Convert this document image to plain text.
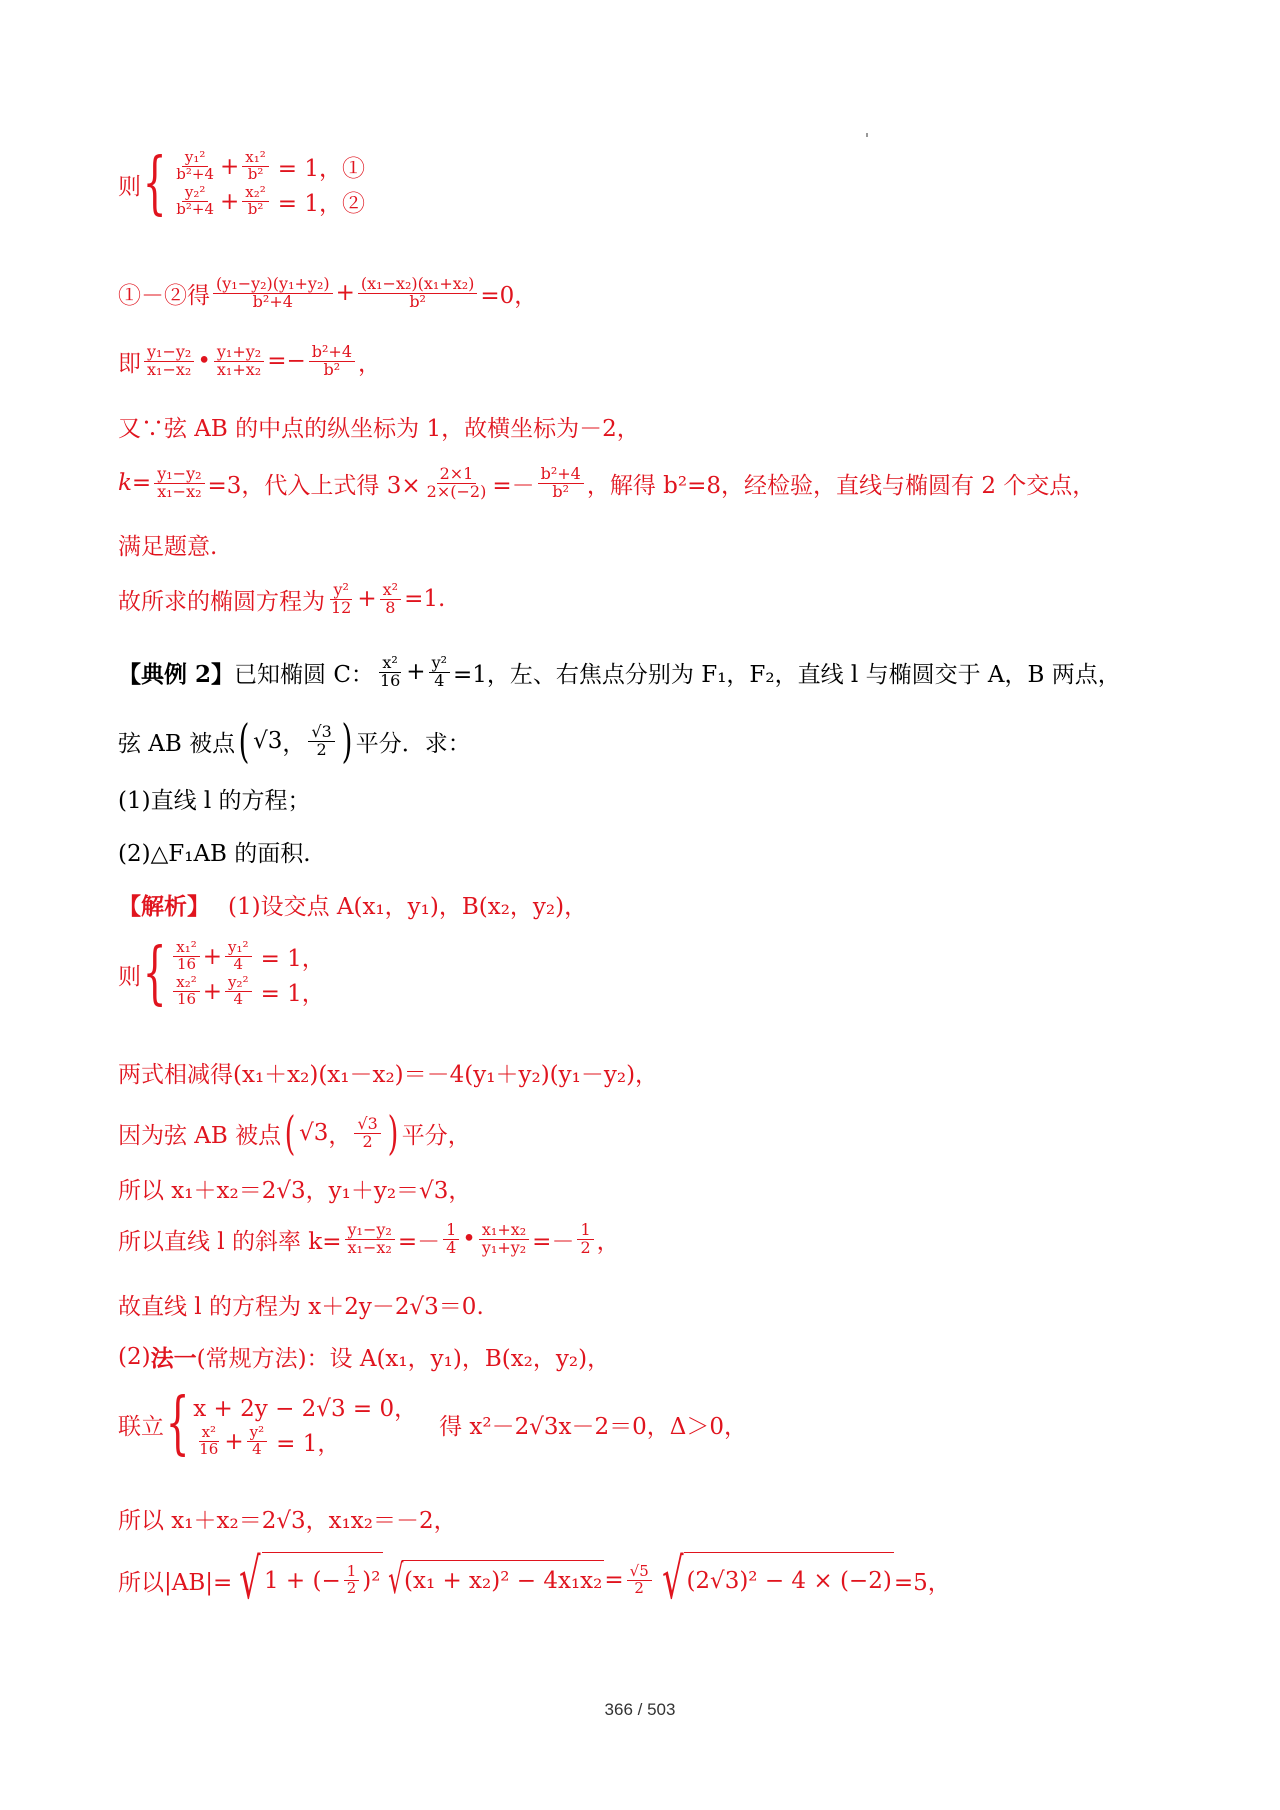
则 { $\frac{\text{y₁²}}{\text{b²+4}} + \frac{\text{x₁²}}{\text{b²}} = 1$，①
$\frac{\text{y₂²}}{\text{b²+4}} + \frac{\text{x₂²}}{\text{b²}} = 1$，②
①－②得 $\frac{\text{(y₁−y₂)(y₁+y₂)}}{\text{b²+4}} + \frac{\text{(x₁−x₂)(x₁+x₂)}}{\text{b²}} =0$，
即 $\frac{\text{y₁−y₂}}{\text{x₁−x₂}}$ • $\frac{\text{y₁+y₂}}{\text{x₁+x₂}} =- \frac{\text{b²+4}}{\text{b²}}$ ，
又∵弦 AB 的中点的纵坐标为 1，故横坐标为－2，
$k= \frac{\text{y₁−y₂}}{\text{x₁−x₂}} =3$，代入上式得 $3\times \frac{2\times 1}{2\times(-2)} =- \frac{\text{b²+4}}{\text{b²}}$ ，解得 b²=8，经检验，直线与椭圆有 2 个交点，
满足题意.
故所求的椭圆方程为 $\frac{\text{y²}}{12} + \frac{\text{x²}}{8} =1$.
【典例 2】 已知椭圆 C： $\frac{\text{x²}}{16} + \frac{\text{y²}}{4} =1$，左、右焦点分别为 F₁，F₂，直线 l 与椭圆交于 A，B 两点，
弦 AB 被点 ( √3 ， $\frac{√3}{2}$ ) 平分．求：
(1)直线 l 的方程；
(2)△F₁AB 的面积.
【解析】 (1)设交点 A(x₁，y₁)，B(x₂，y₂)，
则 { $\frac{\text{x₁²}}{16} + \frac{\text{y₁²}}{4} = 1$，
$\frac{\text{x₂²}}{16} + \frac{\text{y₂²}}{4} = 1$，
两式相减得(x₁＋x₂)(x₁－x₂)＝－4(y₁＋y₂)(y₁－y₂)，
因为弦 AB 被点 ( √3 ， $\frac{√3}{2}$ ) 平分，
所以 x₁＋x₂＝2√3，y₁＋y₂＝√3，
所以直线 l 的斜率 $k= \frac{\text{y₁−y₂}}{\text{x₁−x₂}} =- \frac{1}{4}$ • $\frac{\text{x₁+x₂}}{\text{y₁+y₂}} =- \frac{1}{2}$ ，
故直线 l 的方程为 x＋2y－2√3＝0.
(2) 法一 (常规方法)：设 A(x₁，y₁)，B(x₂，y₂)，
联立 { x + 2y − 2√3 = 0，
$\frac{\text{x²}}{16} + \frac{\text{y²}}{4} = 1$，
得 x²－2√3x－2＝0，Δ＞0，
所以 x₁＋x₂＝2√3，x₁x₂＝－2，
所以|AB|= √ 1 + (− $\frac{1}{2} )^2$ √ $(x_1 + x_2)^2 - 4x_1x_2 = \frac{√5}{2}$ √ (2√3)² − 4 × (−2) =5，
366 / 503
